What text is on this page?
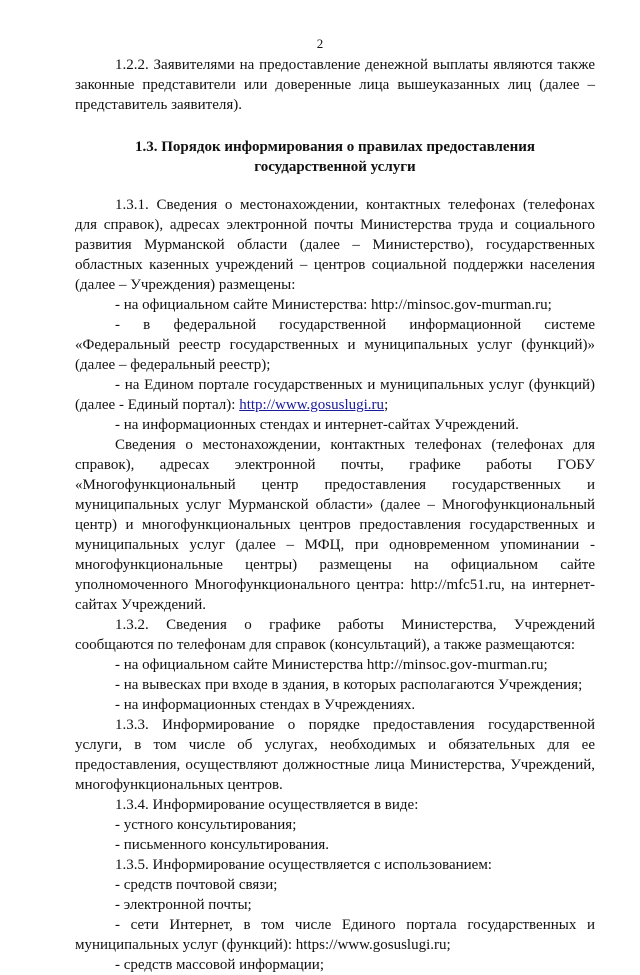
2

1.2.2. Заявителями на предоставление денежной выплаты являются также законные представители или доверенные лица вышеуказанных лиц (далее – представитель заявителя).

1.3. Порядок информирования о правилах предоставления
государственной услуги

1.3.1. Сведения о местонахождении, контактных телефонах (телефонах для справок), адресах электронной почты Министерства труда и социального развития Мурманской области (далее – Министерство), государственных областных казенных учреждений – центров социальной поддержки населения (далее – Учреждения) размещены:

- на официальном сайте Министерства: http://minsoc.gov-murman.ru;

- в федеральной государственной информационной системе «Федеральный реестр государственных и муниципальных услуг (функций)» (далее – федеральный реестр);

- на Едином портале государственных и муниципальных услуг (функций) (далее - Единый портал): http://www.gosuslugi.ru;

- на информационных стендах и интернет-сайтах Учреждений.

Сведения о местонахождении, контактных телефонах (телефонах для справок), адресах электронной почты, графике работы ГОБУ «Многофункциональный центр предоставления государственных и муниципальных услуг Мурманской области» (далее – Многофункциональный центр) и многофункциональных центров предоставления государственных и муниципальных услуг (далее – МФЦ, при одновременном упоминании - многофункциональные центры) размещены на официальном сайте уполномоченного Многофункционального центра: http://mfc51.ru, на интернет-сайтах Учреждений.

1.3.2. Сведения о графике работы Министерства, Учреждений сообщаются по телефонам для справок (консультаций), а также размещаются:

- на официальном сайте Министерства http://minsoc.gov-murman.ru;

- на вывесках при входе в здания, в которых располагаются Учреждения;

- на информационных стендах в Учреждениях.

1.3.3. Информирование о порядке предоставления государственной услуги, в том числе об услугах, необходимых и обязательных для ее предоставления, осуществляют должностные лица Министерства, Учреждений, многофункциональных центров.

1.3.4. Информирование осуществляется в виде:

- устного консультирования;

- письменного консультирования.

1.3.5. Информирование осуществляется с использованием:

- средств почтовой связи;

- электронной почты;

- сети Интернет, в том числе Единого портала государственных и муниципальных услуг (функций): https://www.gosuslugi.ru;

- средств массовой информации;
